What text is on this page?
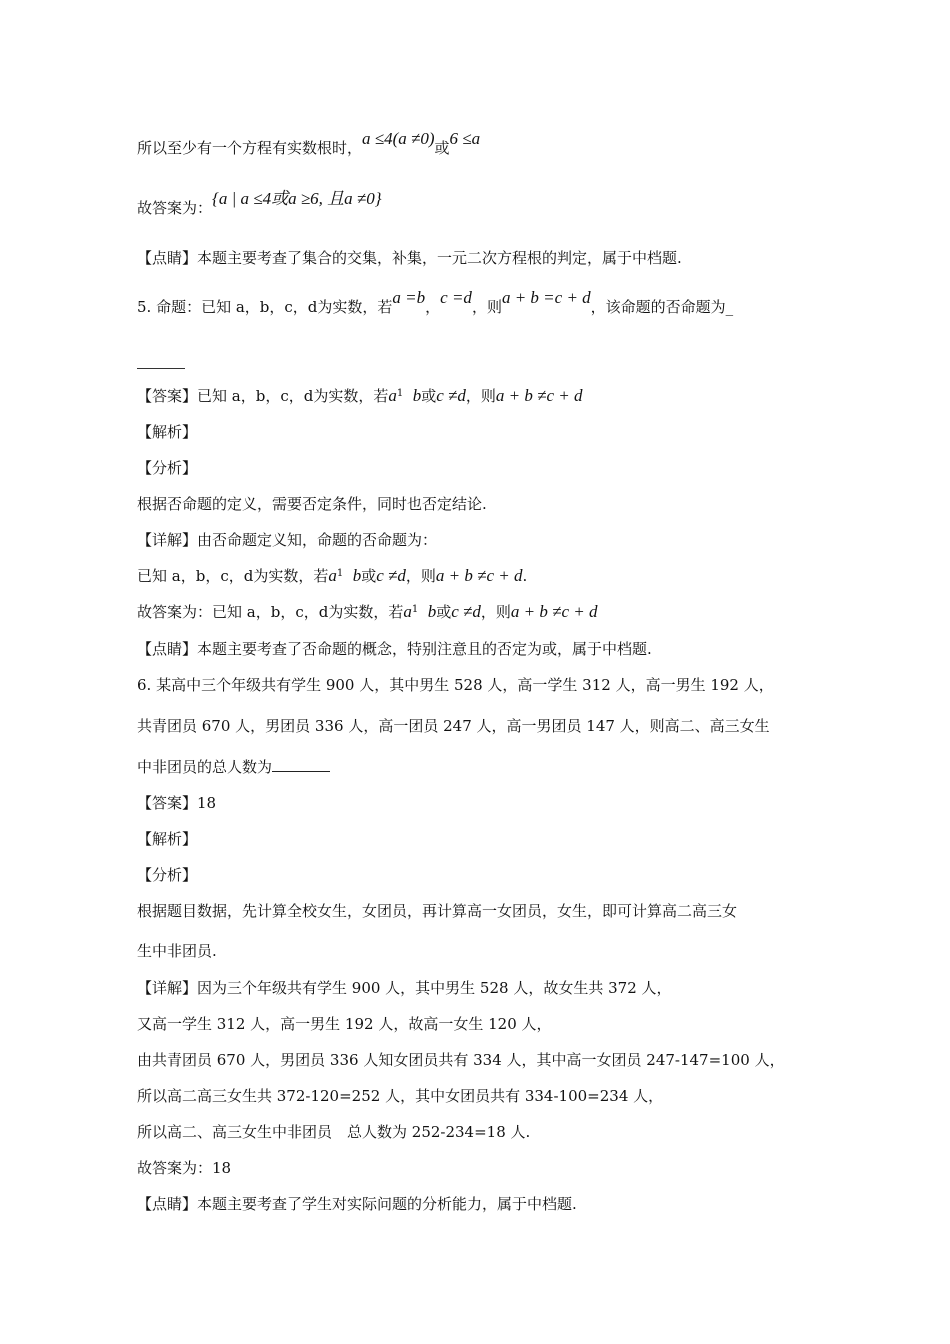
所以至少有一个方程有实数根时，a ≤4(a ≠0)或6 ≤a
故答案为：{a | a ≤4或a ≥6, 且a ≠0}
【点睛】本题主要考查了集合的交集，补集，一元二次方程根的判定，属于中档题.
5. 命题：已知 a，b，c，d为实数，若a =b，c =d，则a + b =c + d，该命题的否命题为_
【答案】已知 a，b，c，d为实数，若$a^1$ b或c ≠d，则a + b ≠c + d
【解析】
【分析】
根据否命题的定义，需要否定条件，同时也否定结论.
【详解】由否命题定义知，命题的否命题为：
已知 a，b，c，d为实数，若$a^1$ b或c ≠d，则a + b ≠c + d.
故答案为：已知 a，b，c，d为实数，若$a^1$ b或c ≠d，则a + b ≠c + d
【点睛】本题主要考查了否命题的概念，特别注意且的否定为或，属于中档题.
6. 某高中三个年级共有学生 900 人，其中男生 528 人，高一学生 312 人，高一男生 192 人，
共青团员 670 人，男团员 336 人，高一团员 247 人，高一男团员 147 人，则高二、高三女生
中非团员的总人数为
【答案】18
【解析】
【分析】
根据题目数据，先计算全校女生，女团员，再计算高一女团员，女生，即可计算高二高三女
生中非团员.
【详解】因为三个年级共有学生 900 人，其中男生 528 人，故女生共 372 人，
又高一学生 312 人，高一男生 192 人，故高一女生 120 人，
由共青团员 670 人，男团员 336 人知女团员共有 334 人，其中高一女团员 247-147=100 人，
所以高二高三女生共 372-120=252 人，其中女团员共有 334-100=234 人，
所以高二、高三女生中非团员　总人数为 252-234=18 人.
故答案为：18
【点睛】本题主要考查了学生对实际问题的分析能力，属于中档题.
